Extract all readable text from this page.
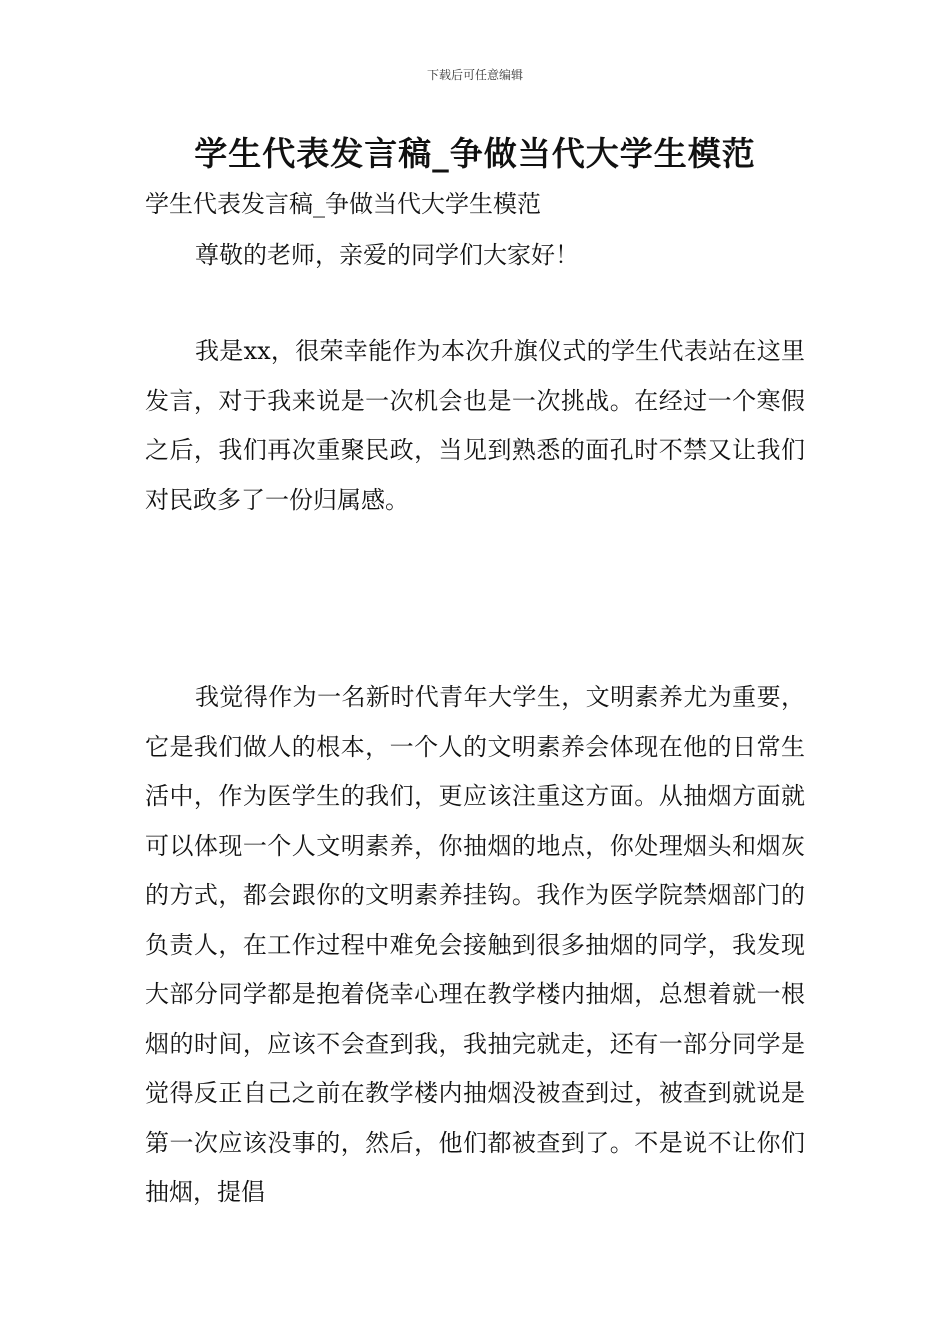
下载后可任意编辑
学生代表发言稿_争做当代大学生模范
学生代表发言稿_争做当代大学生模范
尊敬的老师，亲爱的同学们大家好！

我是xx，很荣幸能作为本次升旗仪式的学生代表站在这里发言，对于我来说是一次机会也是一次挑战。在经过一个寒假之后，我们再次重聚民政，当见到熟悉的面孔时不禁又让我们对民政多了一份归属感。

我觉得作为一名新时代青年大学生，文明素养尤为重要，它是我们做人的根本，一个人的文明素养会体现在他的日常生活中，作为医学生的我们，更应该注重这方面。从抽烟方面就可以体现一个人文明素养，你抽烟的地点，你处理烟头和烟灰的方式，都会跟你的文明素养挂钩。我作为医学院禁烟部门的负责人，在工作过程中难免会接触到很多抽烟的同学，我发现大部分同学都是抱着侥幸心理在教学楼内抽烟，总想着就一根烟的时间，应该不会查到我，我抽完就走，还有一部分同学是觉得反正自己之前在教学楼内抽烟没被查到过，被查到就说是第一次应该没事的，然后，他们都被查到了。不是说不让你们抽烟，提倡
